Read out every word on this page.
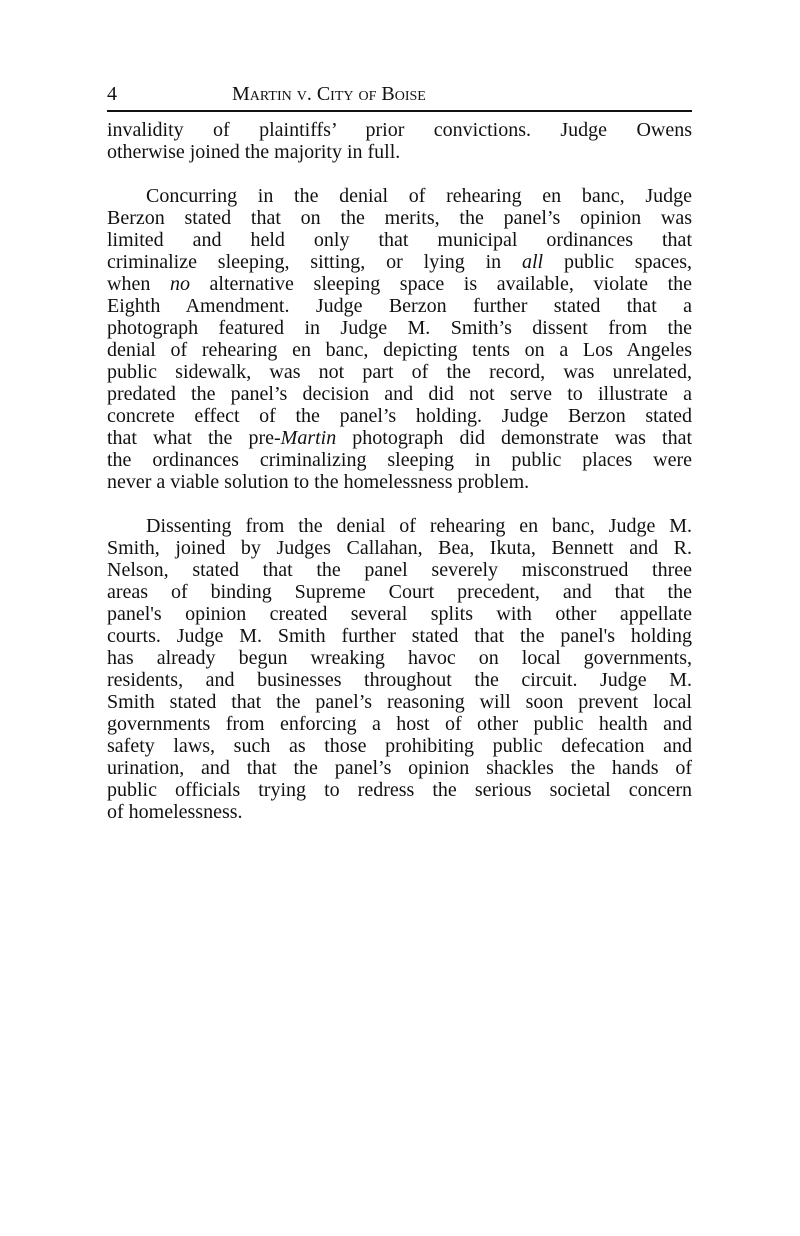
4	Martin v. City of Boise
invalidity of plaintiffs’ prior convictions. Judge Owens
otherwise joined the majority in full.
Concurring in the denial of rehearing en banc, Judge
Berzon stated that on the merits, the panel’s opinion was
limited and held only that municipal ordinances that
criminalize sleeping, sitting, or lying in all public spaces,
when no alternative sleeping space is available, violate the
Eighth Amendment. Judge Berzon further stated that a
photograph featured in Judge M. Smith’s dissent from the
denial of rehearing en banc, depicting tents on a Los Angeles
public sidewalk, was not part of the record, was unrelated,
predated the panel’s decision and did not serve to illustrate a
concrete effect of the panel’s holding. Judge Berzon stated
that what the pre-Martin photograph did demonstrate was that
the ordinances criminalizing sleeping in public places were
never a viable solution to the homelessness problem.
Dissenting from the denial of rehearing en banc, Judge M.
Smith, joined by Judges Callahan, Bea, Ikuta, Bennett and R.
Nelson, stated that the panel severely misconstrued three
areas of binding Supreme Court precedent, and that the
panel's opinion created several splits with other appellate
courts. Judge M. Smith further stated that the panel's holding
has already begun wreaking havoc on local governments,
residents, and businesses throughout the circuit. Judge M.
Smith stated that the panel’s reasoning will soon prevent local
governments from enforcing a host of other public health and
safety laws, such as those prohibiting public defecation and
urination, and that the panel’s opinion shackles the hands of
public officials trying to redress the serious societal concern
of homelessness.
